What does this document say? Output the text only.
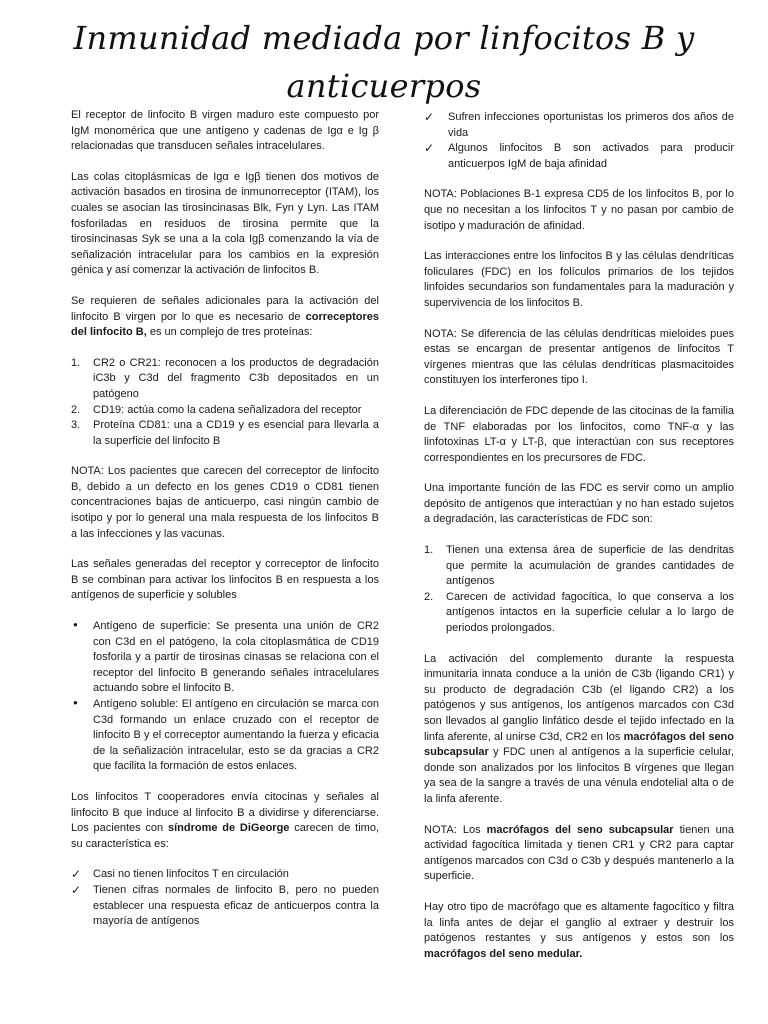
Inmunidad mediada por linfocitos B y
anticuerpos

El receptor de linfocito B virgen maduro este compuesto por IgM monomérica que une antígeno y cadenas de Igα e Ig β relacionadas que transducen señales intracelulares.

Las colas citoplásmicas de Igα e Igβ tienen dos motivos de activación basados en tirosina de inmunorreceptor (ITAM), los cuales se asocian las tirosincinasas Blk, Fyn y Lyn. Las ITAM fosforiladas en residuos de tirosina permite que la tirosincinasas Syk se una a la cola Igβ comenzando la vía de señalización intracelular para los cambios en la expresión génica y así comenzar la activación de linfocitos B.

Se requieren de señales adicionales para la activación del linfocito B virgen por lo que es necesario de correceptores del linfocito B, es un complejo de tres proteínas:

1.	CR2 o CR21: reconocen a los productos de degradación iC3b y C3d del fragmento C3b depositados en un patógeno
2.	CD19: actúa como la cadena señalizadora del receptor
3.	Proteína CD81: una a CD19 y es esencial para llevarla a la superficie del linfocito B

NOTA: Los pacientes que carecen del correceptor de linfocito B, debido a un defecto en los genes CD19 o CD81 tienen concentraciones bajas de anticuerpo, casi ningún cambio de isotipo y por lo general una mala respuesta de los linfocitos B a las infecciones y las vacunas.

Las señales generadas del receptor y correceptor de linfocito B se combinan para activar los linfocitos B en respuesta a los antígenos de superficie y solubles

●
Antígeno de superficie: Se presenta una unión de CR2 con C3d en el patógeno, la cola citoplasmática de CD19 fosforila y a partir de tirosinas cinasas se relaciona con el receptor del linfocito B generando señales intracelulares actuando sobre el linfocito B.
●
Antígeno soluble: El antígeno en circulación se marca con C3d formando un enlace cruzado con el receptor de linfocito B y el correceptor aumentando la fuerza y eficacia de la señalización intracelular, esto se da gracias a CR2 que facilita la formación de estos enlaces.

Los linfocitos T cooperadores envía citocinas y señales al linfocito B que induce al linfocito B a dividirse y diferenciarse. Los pacientes con síndrome de DiGeorge carecen de timo, su característica es:

✓
Casi no tienen linfocitos T en circulación
✓
Tienen cifras normales de linfocito B, pero no pueden establecer una respuesta eficaz de anticuerpos contra la mayoría de antígenos
✓
Sufren infecciones oportunistas los primeros dos años de vida
✓
Algunos linfocitos B son activados para producir anticuerpos IgM de baja afinidad

NOTA: Poblaciones B-1 expresa CD5 de los linfocitos B, por lo que no necesitan a los linfocitos T y no pasan por cambio de isotipo y maduración de afinidad.

Las interacciones entre los linfocitos B y las células dendríticas foliculares (FDC) en los folículos primarios de los tejidos linfoides secundarios son fundamentales para la maduración y supervivencia de los linfocitos B.

NOTA: Se diferencia de las células dendríticas mieloides pues estas se encargan de presentar antígenos de linfocitos T vírgenes mientras que las células dendríticas plasmacitoides constituyen los interferones tipo I.

La diferenciación de FDC depende de las citocinas de la familia de TNF elaboradas por los linfocitos, como TNF-α y las linfotoxinas LT-α y LT-β, que interactúan con sus receptores correspondientes en los precursores de FDC.

Una importante función de las FDC es servir como un amplio depósito de antígenos que interactúan y no han estado sujetos a degradación, las características de FDC son:

1.	Tienen una extensa área de superficie de las dendritas que permite la acumulación de grandes cantidades de antígenos
2.	Carecen de actividad fagocítica, lo que conserva a los antígenos intactos en la superficie celular a lo largo de periodos prolongados.

La activación del complemento durante la respuesta inmunitaria innata conduce a la unión de C3b (ligando CR1) y su producto de degradación C3b (el ligando CR2) a los patógenos y sus antígenos, los antígenos marcados con C3d son llevados al ganglio linfático desde el tejido infectado en la linfa aferente, al unirse C3d, CR2 en los macrófagos del seno subcapsular y FDC unen al antígenos a la superficie celular, donde son analizados por los linfocitos B vírgenes que llegan ya sea de la sangre a través de una vénula endotelial alta o de la linfa aferente.

NOTA: Los macrófagos del seno subcapsular tienen una actividad fagocítica limitada y tienen CR1 y CR2 para captar antígenos marcados con C3d o C3b y después mantenerlo a la superficie.

Hay otro tipo de macrófago que es altamente fagocítico y filtra la linfa antes de dejar el ganglio al extraer y destruir los patógenos restantes y sus antígenos y estos son los macrófagos del seno medular.
